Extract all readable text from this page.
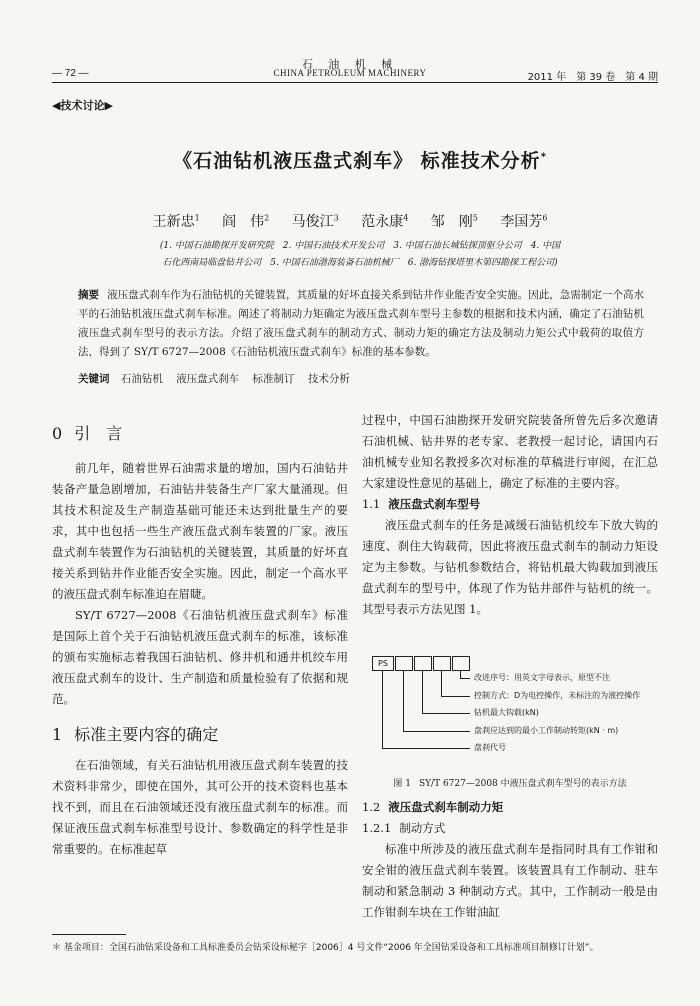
石 油 机 械
— 72 —	CHINA PETROLEUM MACHINERY	2011 年　第 39 卷　第 4 期
◀技术讨论▶
《石油钻机液压盘式刹车》 标准技术分析*
王新忠$^1$ 阎　伟$^2$ 马俊江$^3$ 范永康$^4$ 邹　刚$^5$ 李国芳$^6$
(1. 中国石油勘探开发研究院　2. 中国石油技术开发公司　3. 中国石油长城钻探顶驱分公司　4. 中国
石化西南局临盘钻井公司　5. 中国石油渤海装备石油机械厂　6. 渤海钻探塔里木第四勘探工程公司)
摘要 液压盘式刹车作为石油钻机的关键装置，其质量的好坏直接关系到钻井作业能否安全实施。因此，急需制定一个高水平的石油钻机液压盘式刹车标准。阐述了将制动力矩确定为液压盘式刹车型号主参数的根据和技术内涵，确定了石油钻机液压盘式刹车型号的表示方法。介绍了液压盘式刹车的制动方式、制动力矩的确定方法及制动力矩公式中载荷的取值方法，得到了 SY/T 6727—2008《石油钻机液压盘式刹车》标准的基本参数。
关键词 石油钻机 液压盘式刹车 标准制订 技术分析
0 引　言

前几年，随着世界石油需求量的增加，国内石油钻井装备产量急剧增加，石油钻井装备生产厂家大量涌现。但其技术积淀及生产制造基础可能还未达到批量生产的要求，其中也包括一些生产液压盘式刹车装置的厂家。液压盘式刹车装置作为石油钻机的关键装置，其质量的好坏直接关系到钻井作业能否安全实施。因此，制定一个高水平的液压盘式刹车标准迫在眉睫。

SY/T 6727—2008《石油钻机液压盘式刹车》标准是国际上首个关于石油钻机液压盘式刹车的标准，该标准的颁布实施标志着我国石油钻机、修井机和通井机绞车用液压盘式刹车的设计、生产制造和质量检验有了依据和规范。

1 标准主要内容的确定

在石油领域，有关石油钻机用液压盘式刹车装置的技术资料非常少，即使在国外，其可公开的技术资料也基本找不到，而且在石油领域还没有液压盘式刹车的标准。而保证液压盘式刹车标准型号设计、参数确定的科学性是非常重要的。在标准起草

过程中，中国石油勘探开发研究院装备所曾先后多次邀请石油机械、钻井界的老专家、老教授一起讨论，请国内石油机械专业知名教授多次对标准的草稿进行审阅，在汇总大家建设性意见的基础上，确定了标准的主要内容。

1.1 液压盘式刹车型号

液压盘式刹车的任务是减缓石油钻机绞车下放大钩的速度、刹住大钩载荷，因此将液压盘式刹车的制动力矩设定为主参数。与钻机参数结合，将钻机最大钩载加到液压盘式刹车的型号中，体现了作为钻井部件与钻机的统一。其型号表示方法见图 1。

PS
改进序号：用英文字母表示，原型不注
控制方式：D为电控操作，未标注的为液控操作
钻机最大钩载(kN)
盘刹应达到的最小工作制动转矩(kN · m)
盘刹代号
图 1 SY/T 6727—2008 中液压盘式刹车型号的表示方法
1.2 液压盘式刹车制动力矩
1.2.1 制动方式

标准中所涉及的液压盘式刹车是指同时具有工作钳和安全钳的液压盘式刹车装置。该装置具有工作制动、驻车制动和紧急制动 3 种制动方式。其中，工作制动一般是由工作钳刹车块在工作钳油缸

＊ 基金项目：全国石油钻采设备和工具标准委员会钻采设标秘字［2006］4 号文件“2006 年全国钻采设备和工具标准项目制修订计划”。
